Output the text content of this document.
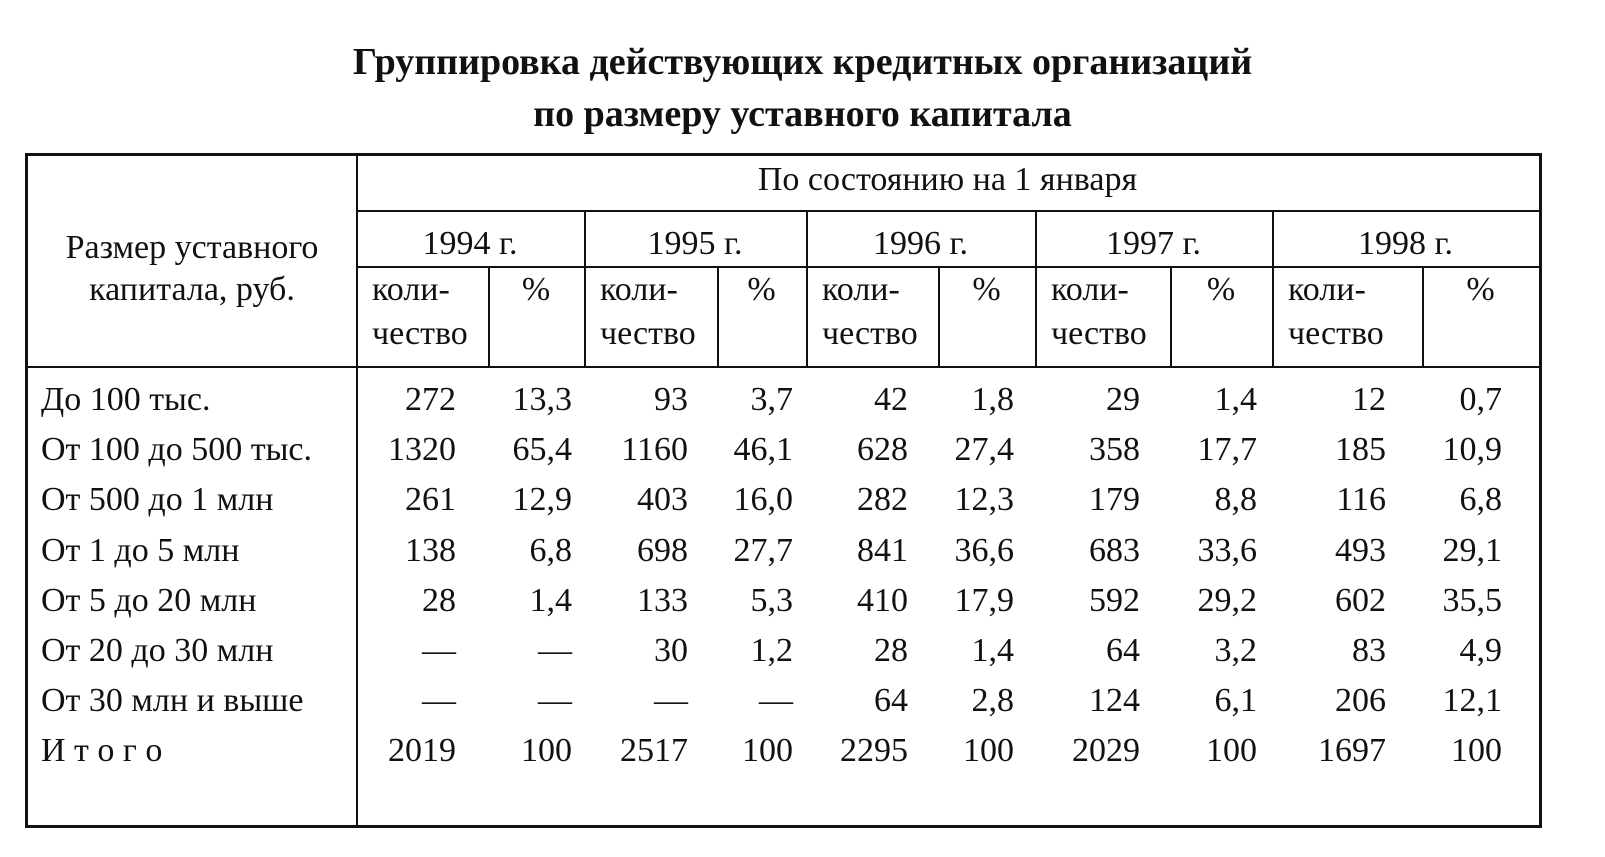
Группировка действующих кредитных организаций
по размеру уставного капитала
Размер уставного
капитала, руб.
По состоянию на 1 января
1994 г.
коли-
чество
%
1995 г.
коли-
чество
%
1996 г.
коли-
чество
%
1997 г.
коли-
чество
%
1998 г.
коли-
чество
%
До 100 тыс.	272	13,3	93	3,7	42	1,8	29	1,4	12	0,7
От 100 до 500 тыс.	1320	65,4	1160	46,1	628	27,4	358	17,7	185	10,9
От 500 до 1 млн	261	12,9	403	16,0	282	12,3	179	8,8	116	6,8
От 1 до 5 млн	138	6,8	698	27,7	841	36,6	683	33,6	493	29,1
От 5 до 20 млн	28	1,4	133	5,3	410	17,9	592	29,2	602	35,5
От 20 до 30 млн	—	—	30	1,2	28	1,4	64	3,2	83	4,9
От 30 млн и выше	—	—	—	—	64	2,8	124	6,1	206	12,1
И т о г о	2019	100	2517	100	2295	100	2029	100	1697	100
